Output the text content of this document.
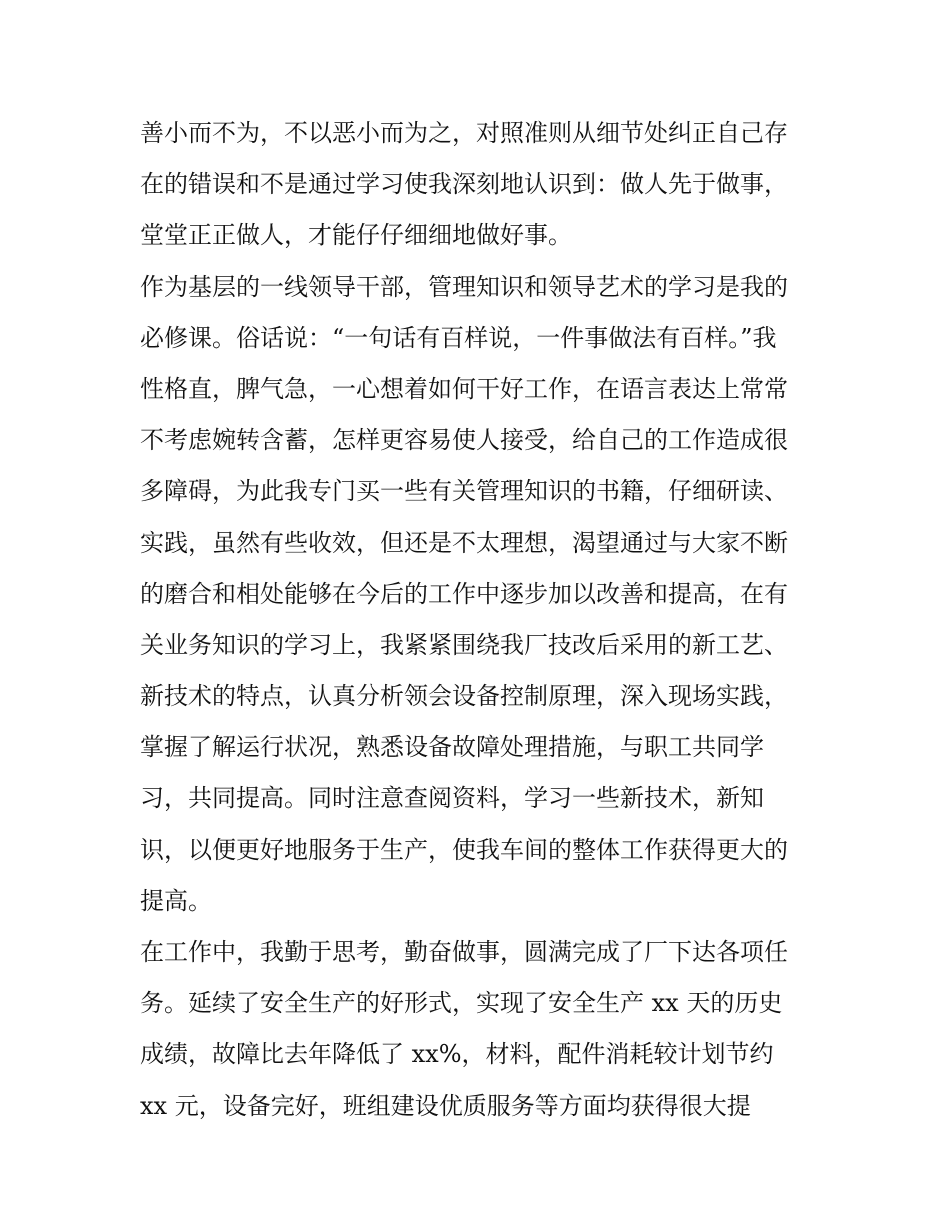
善小而不为，不以恶小而为之，对照准则从细节处纠正自己存
在的错误和不是通过学习使我深刻地认识到：做人先于做事，
堂堂正正做人，才能仔仔细细地做好事。
作为基层的一线领导干部，管理知识和领导艺术的学习是我的
必修课。俗话说：“一句话有百样说，一件事做法有百样。”我
性格直，脾气急，一心想着如何干好工作，在语言表达上常常
不考虑婉转含蓄，怎样更容易使人接受，给自己的工作造成很
多障碍，为此我专门买一些有关管理知识的书籍，仔细研读、
实践，虽然有些收效，但还是不太理想，渴望通过与大家不断
的磨合和相处能够在今后的工作中逐步加以改善和提高，在有
关业务知识的学习上，我紧紧围绕我厂技改后采用的新工艺、
新技术的特点，认真分析领会设备控制原理，深入现场实践，
掌握了解运行状况，熟悉设备故障处理措施，与职工共同学
习，共同提高。同时注意查阅资料，学习一些新技术，新知
识，以便更好地服务于生产，使我车间的整体工作获得更大的
提高。
在工作中，我勤于思考，勤奋做事，圆满完成了厂下达各项任
务。延续了安全生产的好形式，实现了安全生产 xx 天的历史
成绩，故障比去年降低了 xx%，材料，配件消耗较计划节约
xx 元，设备完好，班组建设优质服务等方面均获得很大提
